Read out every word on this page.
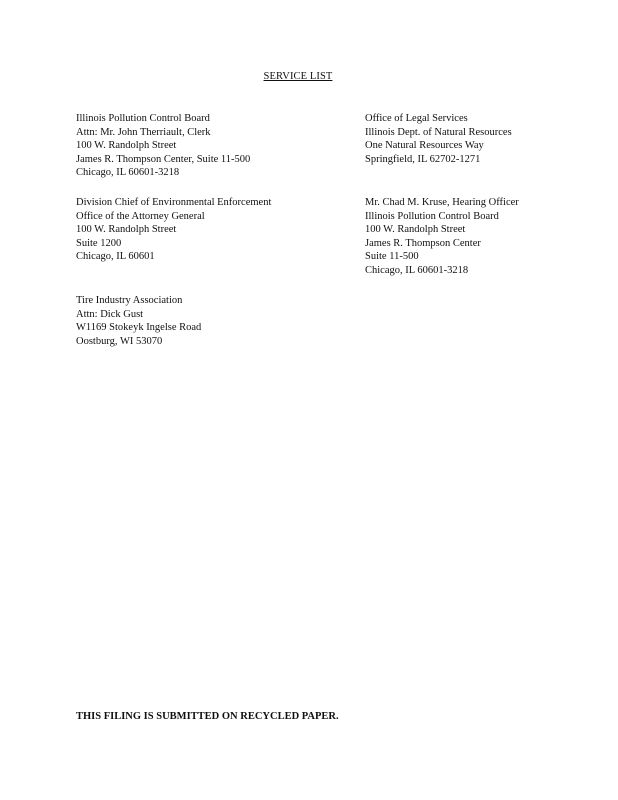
SERVICE LIST
Illinois Pollution Control Board
Attn: Mr. John Therriault, Clerk
100 W. Randolph Street
James R. Thompson Center, Suite 11-500
Chicago, IL 60601-3218
Office of Legal Services
Illinois Dept. of Natural Resources
One Natural Resources Way
Springfield, IL 62702-1271
Division Chief of Environmental Enforcement
Office of the Attorney General
100 W. Randolph Street
Suite 1200
Chicago, IL 60601
Mr. Chad M. Kruse, Hearing Officer
Illinois Pollution Control Board
100 W. Randolph Street
James R. Thompson Center
Suite 11-500
Chicago, IL 60601-3218
Tire Industry Association
Attn: Dick Gust
W1169 Stokeyk Ingelse Road
Oostburg, WI 53070
THIS FILING IS SUBMITTED ON RECYCLED PAPER.
